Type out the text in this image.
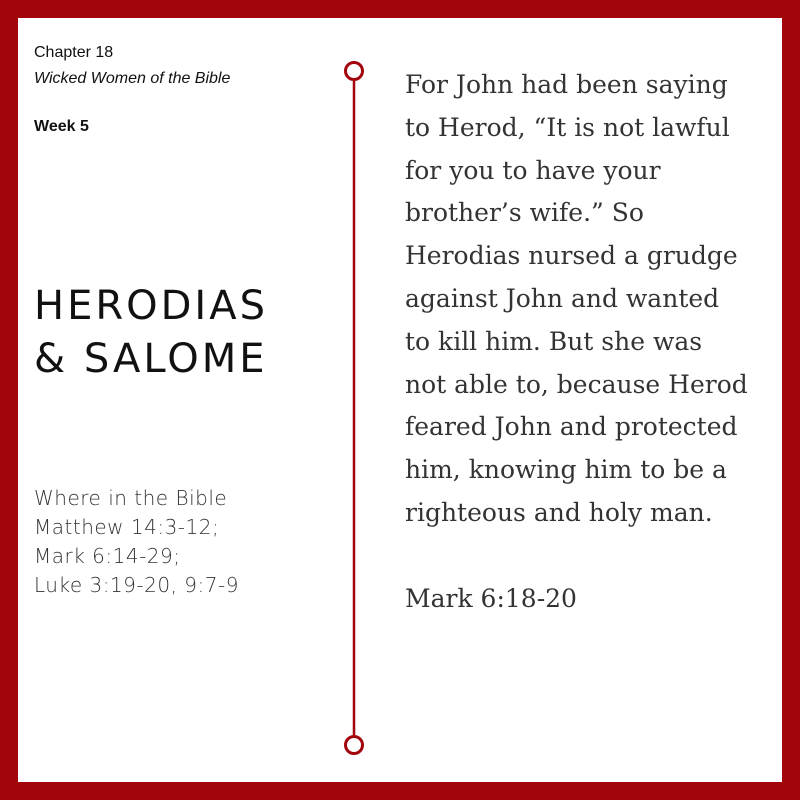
Chapter 18
Wicked Women of the Bible
Week 5
HERODIAS
& SALOME
Where in the Bible
Matthew 14:3-12;
Mark 6:14-29;
Luke 3:19-20, 9:7-9
For John had been saying
to Herod, “It is not lawful
for you to have your
brother’s wife.” So
Herodias nursed a grudge
against John and wanted
to kill him. But she was
not able to, because Herod
feared John and protected
him, knowing him to be a
righteous and holy man.
Mark 6:18-20
